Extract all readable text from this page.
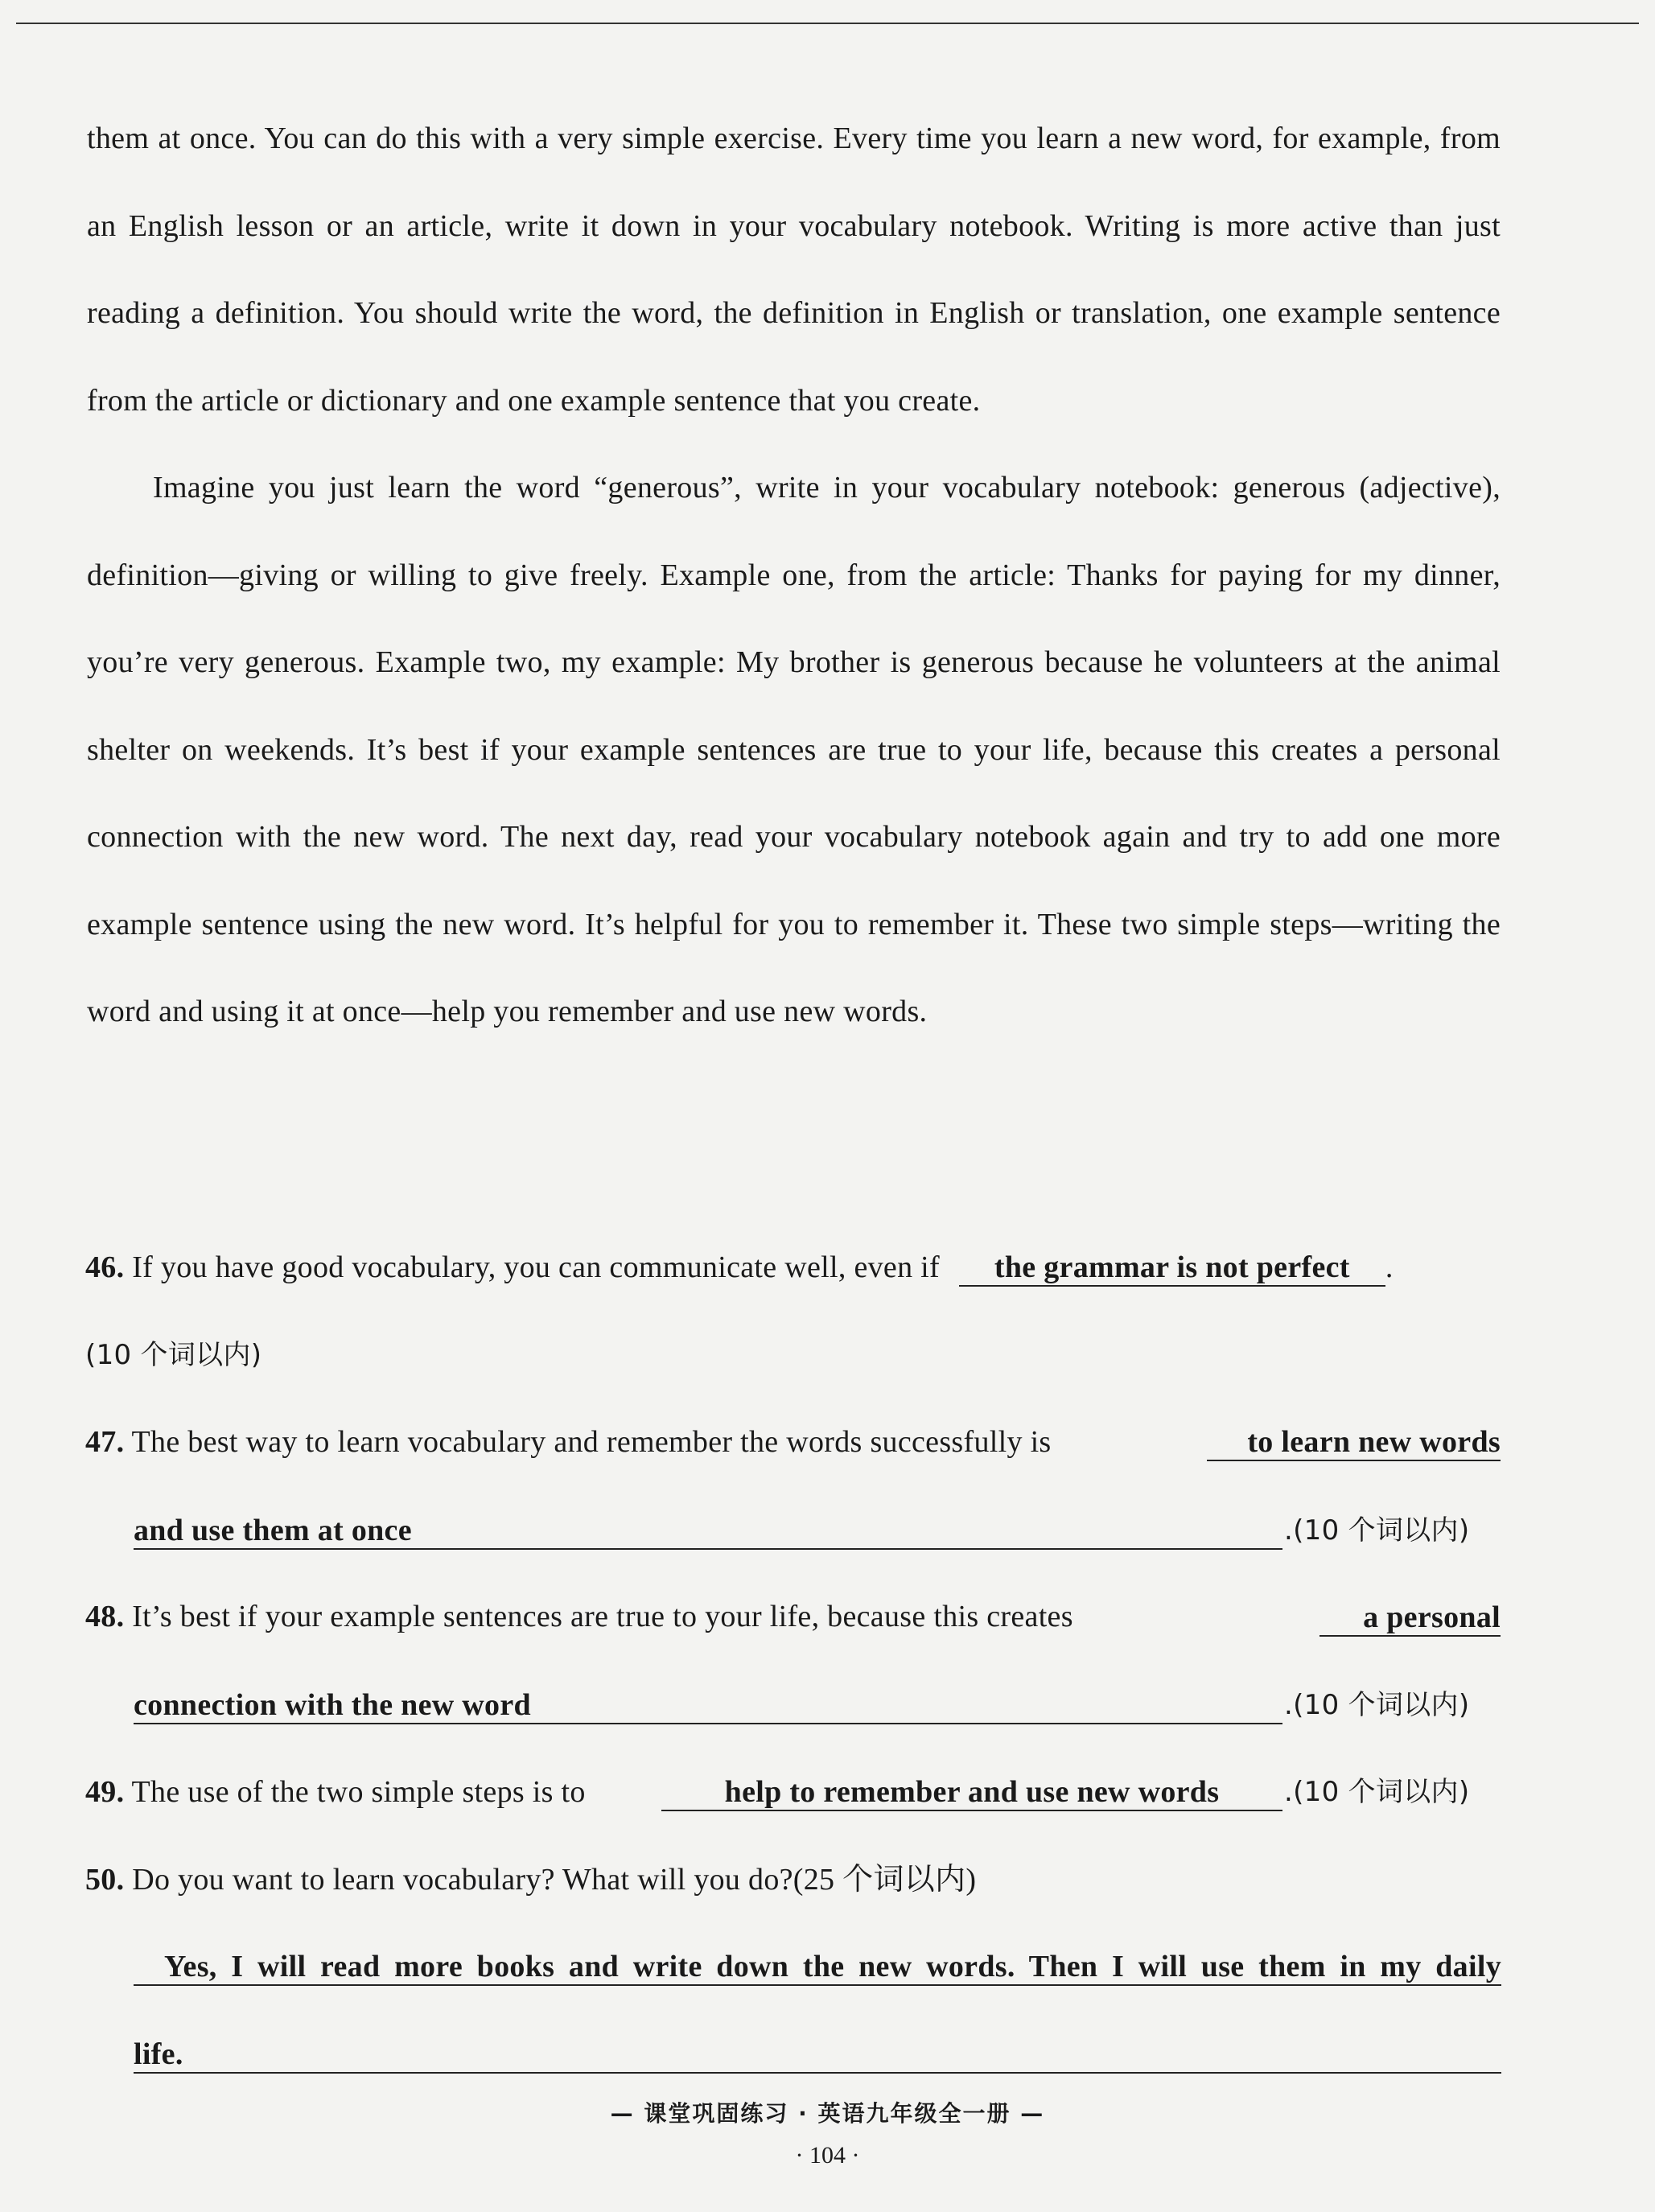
them at once. You can do this with a very simple exercise. Every time you learn a new word, for example, from an English lesson or an article, write it down in your vocabulary notebook. Writing is more active than just reading a definition. You should write the word, the definition in English or translation, one example sentence from the article or dictionary and one example sentence that you create.

Imagine you just learn the word “generous”, write in your vocabulary notebook: generous (adjective), definition—giving or willing to give freely. Example one, from the article: Thanks for paying for my dinner, you’re very generous. Example two, my example: My brother is generous because he volunteers at the animal shelter on weekends. It’s best if your example sentences are true to your life, because this creates a personal connection with the new word. The next day, read your vocabulary notebook again and try to add one more example sentence using the new word. It’s helpful for you to remember it. These two simple steps—writing the word and using it at once—help you remember and use new words.

46. If you have good vocabulary, you can communicate well, even if the grammar is not perfect .
(10 个词以内)
47. The best way to learn vocabulary and remember the words successfully is	to learn new words
and use them at once	.(10 个词以内)
48. It’s best if your example sentences are true to your life, because this creates	a personal
connection with the new word	.(10 个词以内)
49. The use of the two simple steps is to	help to remember and use new words	.(10 个词以内)
50. Do you want to learn vocabulary? What will you do?(25 个词以内)
Yes, I will read more books and write down the new words. Then I will use them in my daily
life.
— 课堂巩固练习 · 英语九年级全一册 —
· 104 ·
